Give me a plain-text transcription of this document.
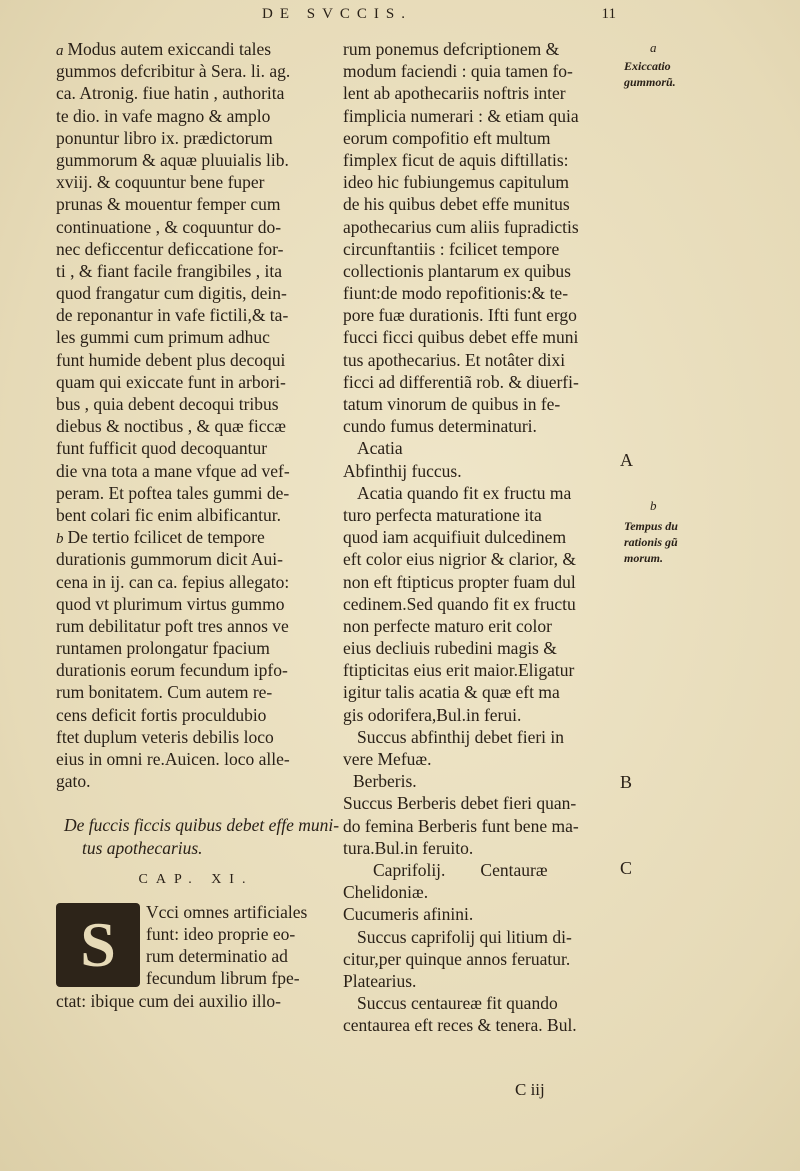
DE SVCCIS.	11
a Modus autem exiccandi tales
gummos defcribitur à Sera. li. ag.
ca. Atronig. fiue hatin , authorita
te dio. in vafe magno & amplo
ponuntur libro ix. prædictorum
gummorum & aquæ pluuialis lib.
xviij. & coquuntur bene fuper
prunas & mouentur femper cum
continuatione , & coquuntur do-
nec deficcentur deficcatione for-
ti , & fiant facile frangibiles , ita
quod frangatur cum digitis, dein-
de reponantur in vafe fictili,& ta-
les gummi cum primum adhuc
funt humide debent plus decoqui
quam qui exiccate funt in arbori-
bus , quia debent decoqui tribus
diebus & noctibus , & quæ ficcæ
funt fufficit quod decoquantur
die vna tota a mane vfque ad vef-
peram. Et poftea tales gummi de-
bent colari fic enim albificantur.
b De tertio fcilicet de tempore
durationis gummorum dicit Aui-
cena in ij. can ca. fepius allegato:
quod vt plurimum virtus gummo
rum debilitatur poft tres annos ve
runtamen prolongatur fpacium
durationis eorum fecundum ipfo-
rum bonitatem. Cum autem re-
cens deficit fortis proculdubio
ftet duplum veteris debilis loco
eius in omni re.Auicen. loco alle-
gato.
De fuccis ficcis quibus debet effe muni-
tus apothecarius.
CAP. XI.
S	Vcci omnes artificiales
funt: ideo proprie eo-
rum determinatio ad
fecundum librum fpe-
ctat: ibique cum dei auxilio illo-
rum ponemus defcriptionem &
modum faciendi : quia tamen fo-
lent ab apothecariis noftris inter
fimplicia numerari : & etiam quia
eorum compofitio eft multum
fimplex ficut de aquis diftillatis:
ideo hic fubiungemus capitulum
de his quibus debet effe munitus
apothecarius cum aliis fupradictis
circunftantiis : fcilicet tempore
collectionis plantarum ex quibus
fiunt:de modo repofitionis:& te-
pore fuæ durationis. Ifti funt ergo
fucci ficci quibus debet effe muni
tus apothecarius. Et notâter dixi
ficci ad differentiã rob. & diuerfi-
tatum vinorum de quibus in fe-
cundo fumus determinaturi.
Acatia
Abfinthij fuccus.
Acatia quando fit ex fructu ma
turo perfecta maturatione ita
quod iam acquifiuit dulcedinem
eft color eius nigrior & clarior, &
non eft ftipticus propter fuam dul
cedinem.Sed quando fit ex fructu
non perfecte maturo erit color
eius decliuis rubedini magis &
ftipticitas eius erit maior.Eligatur
igitur talis acatia & quæ eft ma
gis odorifera,Bul.in ferui.
Succus abfinthij debet fieri in
vere Mefuæ.
Berberis.
Succus Berberis debet fieri quan-
do femina Berberis funt bene ma-
tura.Bul.in feruito.
Caprifolij.        Centauræ
Chelidoniæ.
Cucumeris afinini.
Succus caprifolij qui litium di-
citur,per quinque annos feruatur.
Platearius.
Succus centaureæ fit quando
centaurea eft reces & tenera. Bul.
C iij
a
Exiccatio
gummorũ.
A
b
Tempus du
rationis gũ
morum.
B
C
